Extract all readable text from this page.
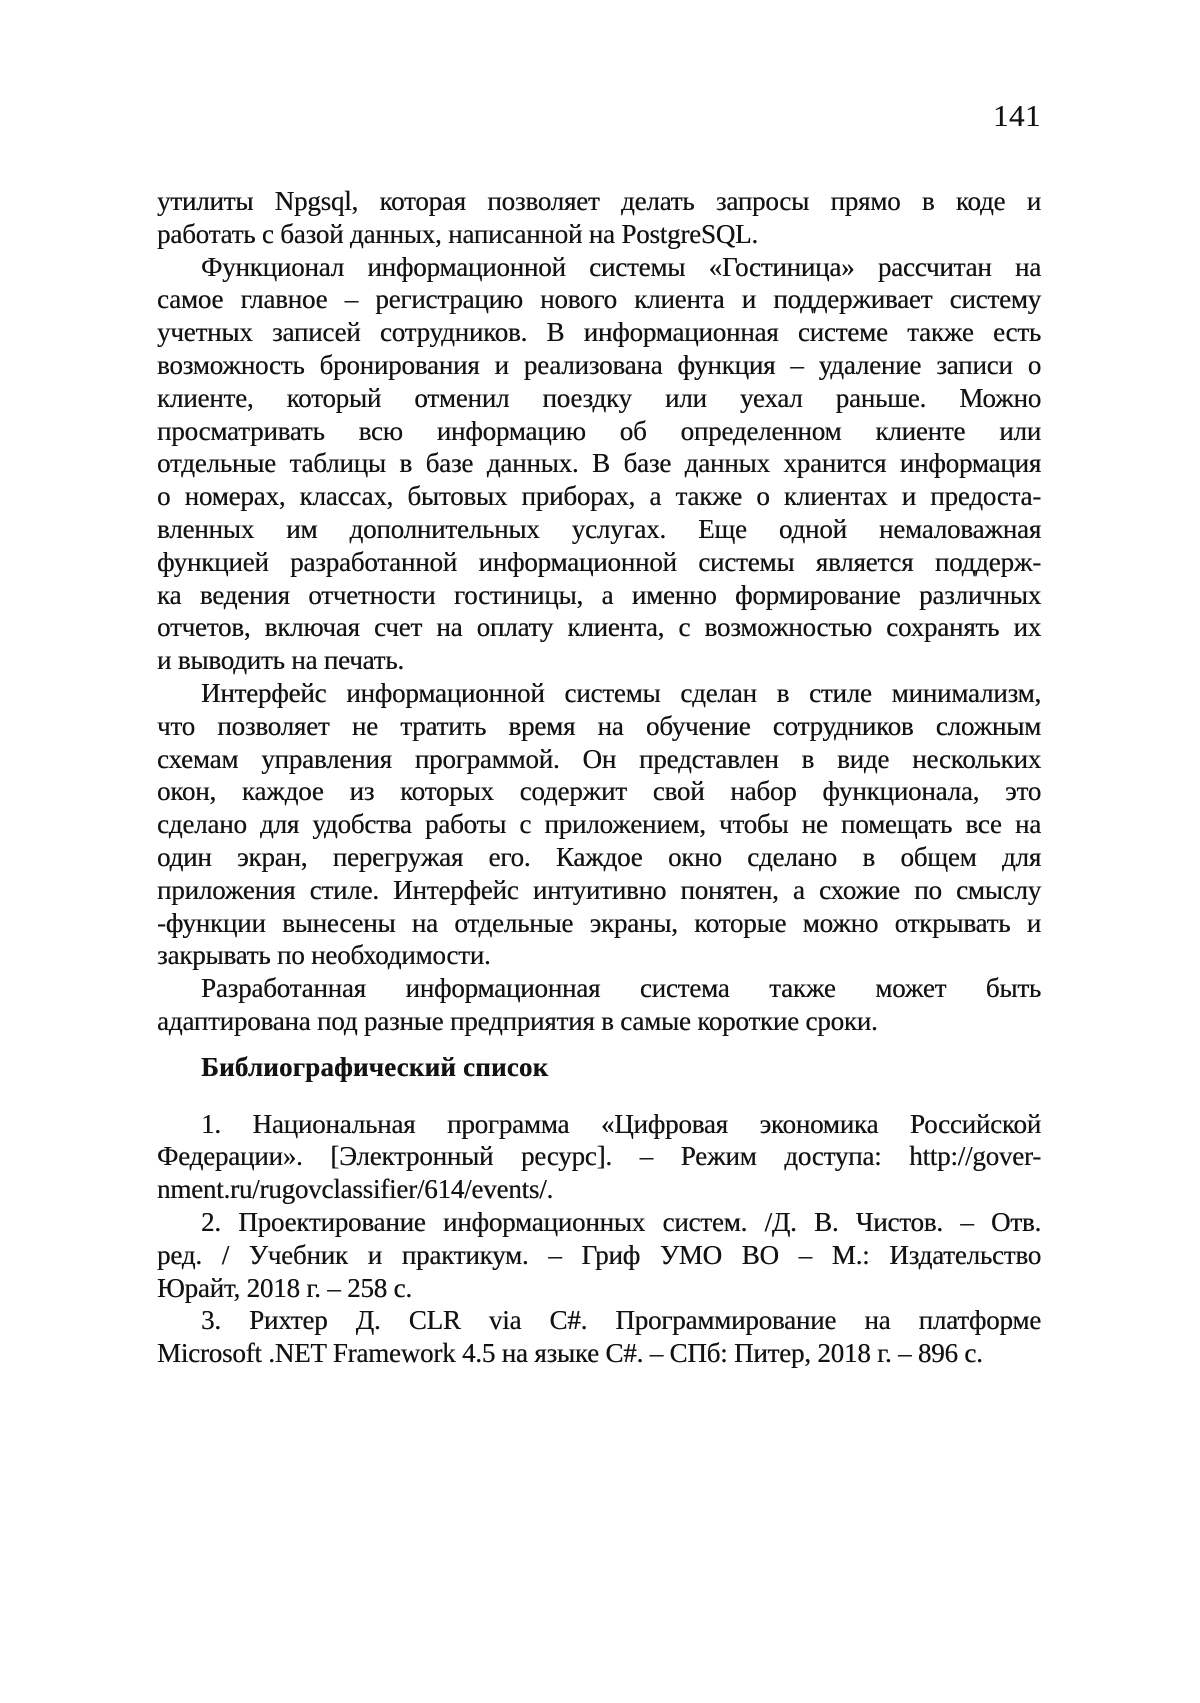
141
утилиты Npgsql, которая позволяет делать запросы прямо в коде и
работать с базой данных, написанной на PostgreSQL.
Функционал информационной системы «Гостиница» рассчитан на
самое главное – регистрацию нового клиента и поддерживает систему
учетных записей сотрудников. В информационная системе также есть
возможность бронирования и реализована функция – удаление записи о
клиенте, который отменил поездку или уехал раньше. Можно
просматривать всю информацию об определенном клиенте или
отдельные таблицы в базе данных. В базе данных хранится информация
о номерах, классах, бытовых приборах, а также о клиентах и предоста-
вленных им дополнительных услугах. Еще одной немаловажная
функцией разработанной информационной системы является поддерж-
ка ведения отчетности гостиницы, а именно формирование различных
отчетов, включая счет на оплату клиента, с возможностью сохранять их
и выводить на печать.
Интерфейс информационной системы сделан в стиле минимализм,
что позволяет не тратить время на обучение сотрудников сложным
схемам управления программой. Он представлен в виде нескольких
окон, каждое из которых содержит свой набор функционала, это
сделано для удобства работы с приложением, чтобы не помещать все на
один экран, перегружая его. Каждое окно сделано в общем для
приложения стиле. Интерфейс интуитивно понятен, а схожие по смыслу
-функции вынесены на отдельные экраны, которые можно открывать и
закрывать по необходимости.
Разработанная информационная система также может быть
адаптирована под разные предприятия в самые короткие сроки.
Библиографический список
1. Национальная программа «Цифровая экономика Российской
Федерации». [Электронный ресурс]. – Режим доступа: http://gover-
nment.ru/rugovclassifier/614/events/.
2. Проектирование информационных систем. /Д. В. Чистов. – Отв.
ред. / Учебник и практикум. – Гриф УМО ВО – М.: Издательство
Юрайт, 2018 г. – 258 с.
3. Рихтер Д. CLR via C#. Программирование на платформе
Microsoft .NET Framework 4.5 на языке C#. – СПб: Питер, 2018 г. – 896 с.
